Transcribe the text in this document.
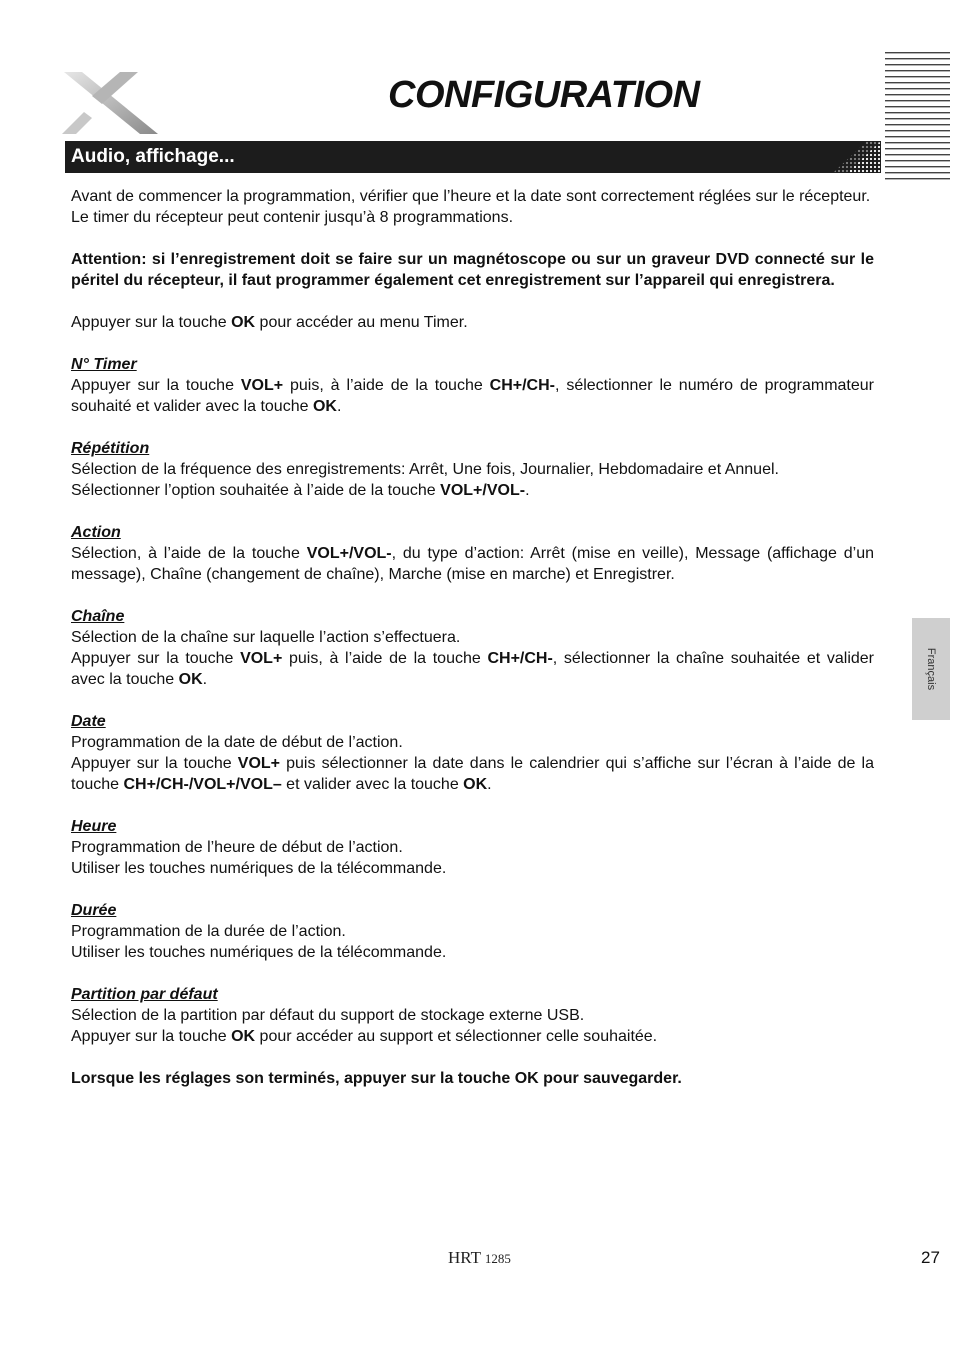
CONFIGURATION
Audio, affichage...
Français

Avant de commencer la programmation, vérifier que l’heure et la date sont correctement réglées sur le récepteur.

Le timer du récepteur peut contenir jusqu’à 8 programmations.

Attention: si l’enregistrement doit se faire sur un magnétoscope ou sur un graveur DVD connecté sur le péritel du récepteur, il faut programmer également cet enregistrement sur l’appareil qui enregistrera.

Appuyer sur la touche OK pour accéder au menu Timer.

N° Timer

Appuyer sur la touche VOL+ puis, à l’aide de la touche CH+/CH-, sélectionner le numéro de programmateur souhaité et valider avec la touche OK.

Répétition

Sélection de la fréquence des enregistrements: Arrêt, Une fois, Journalier, Hebdomadaire et Annuel.

Sélectionner l’option souhaitée à l’aide de la touche VOL+/VOL-.

Action

Sélection, à l’aide de la touche VOL+/VOL-, du type d’action: Arrêt (mise en veille), Message (affichage d’un message), Chaîne (changement de chaîne), Marche (mise en marche) et Enregistrer.

Chaîne

Sélection de la chaîne sur laquelle l’action s’effectuera.

Appuyer sur la touche VOL+ puis, à l’aide de la touche CH+/CH-, sélectionner la chaîne souhaitée et valider avec la touche OK.

Date

Programmation de la date de début de l’action.

Appuyer sur la touche VOL+ puis sélectionner la date dans le calendrier qui s’affiche sur l’écran à l’aide de la touche CH+/CH-/VOL+/VOL– et valider avec la touche OK.

Heure

Programmation de l’heure de début de l’action.

Utiliser les touches numériques de la télécommande.

Durée

Programmation de la durée de l’action.

Utiliser les touches numériques de la télécommande.

Partition par défaut

Sélection de la partition par défaut du support de stockage externe USB.

Appuyer sur la touche OK pour accéder au support et sélectionner celle souhaitée.

Lorsque les réglages son terminés, appuyer sur la touche OK pour sauvegarder.

HRT 1285	27
